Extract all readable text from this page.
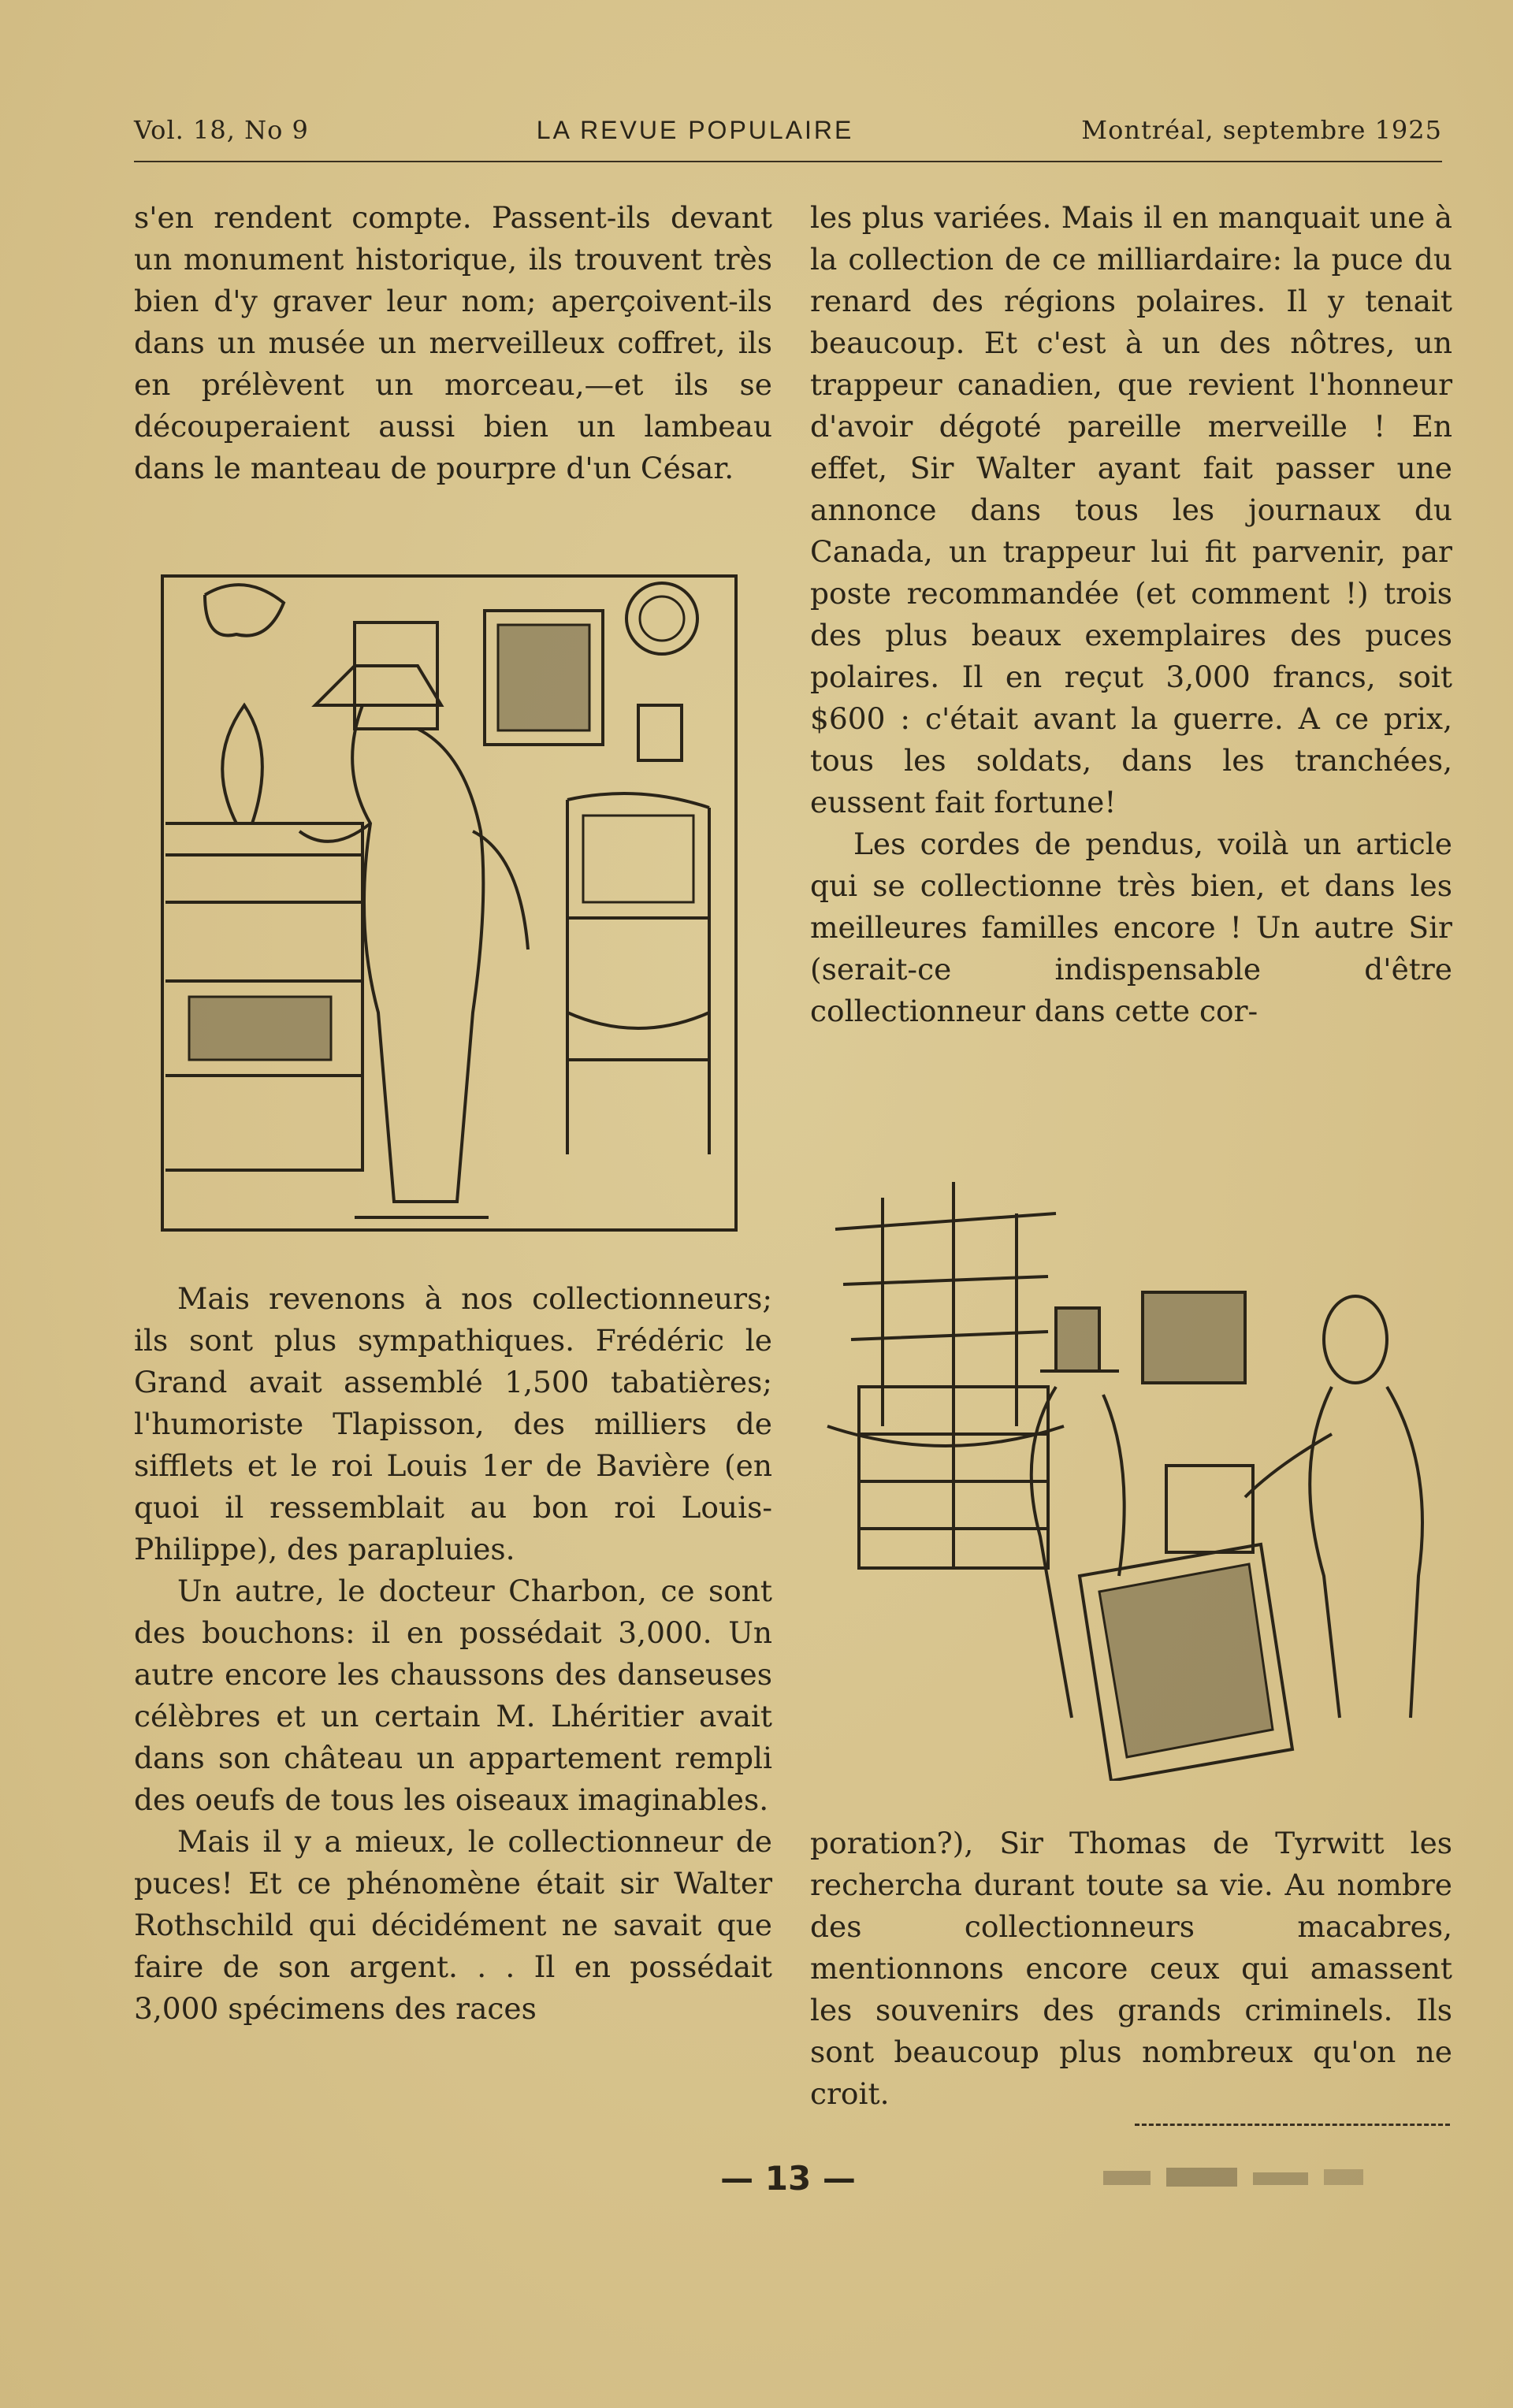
Vol. 18, No 9	LA REVUE POPULAIRE	Montréal, septembre 1925

s'en rendent compte. Passent-ils devant un monument historique, ils trouvent très bien d'y graver leur nom; aperçoivent-ils dans un musée un merveilleux coffret, ils en prélèvent un morceau,—et ils se découperaient aussi bien un lambeau dans le manteau de pourpre d'un César.

Mais revenons à nos collectionneurs; ils sont plus sympathiques. Frédéric le Grand avait assemblé 1,500 tabatières; l'humoriste Tlapisson, des milliers de sifflets et le roi Louis 1er de Bavière (en quoi il ressemblait au bon roi Louis-Philippe), des parapluies.

Un autre, le docteur Charbon, ce sont des bouchons: il en possédait 3,000. Un autre encore les chaussons des danseuses célèbres et un certain M. Lhéritier avait dans son château un appartement rempli des oeufs de tous les oiseaux imaginables.

Mais il y a mieux, le collectionneur de puces! Et ce phénomène était sir Walter Rothschild qui décidément ne savait que faire de son argent. . . Il en possédait 3,000 spécimens des races

les plus variées. Mais il en manquait une à la collection de ce milliardaire: la puce du renard des régions polaires. Il y tenait beaucoup. Et c'est à un des nôtres, un trappeur canadien, que revient l'honneur d'avoir dégoté pareille merveille ! En effet, Sir Walter ayant fait passer une annonce dans tous les journaux du Canada, un trappeur lui fit parvenir, par poste recommandée (et comment !) trois des plus beaux exemplaires des puces polaires. Il en reçut 3,000 francs, soit $600 : c'était avant la guerre. A ce prix, tous les soldats, dans les tranchées, eussent fait fortune!

Les cordes de pendus, voilà un article qui se collectionne très bien, et dans les meilleures familles encore ! Un autre Sir (serait-ce indispensable d'être collectionneur dans cette cor-

poration?), Sir Thomas de Tyrwitt les rechercha durant toute sa vie. Au nombre des collectionneurs macabres, mentionnons encore ceux qui amassent les souvenirs des grands criminels. Ils sont beaucoup plus nombreux qu'on ne croit.

— 13 —
